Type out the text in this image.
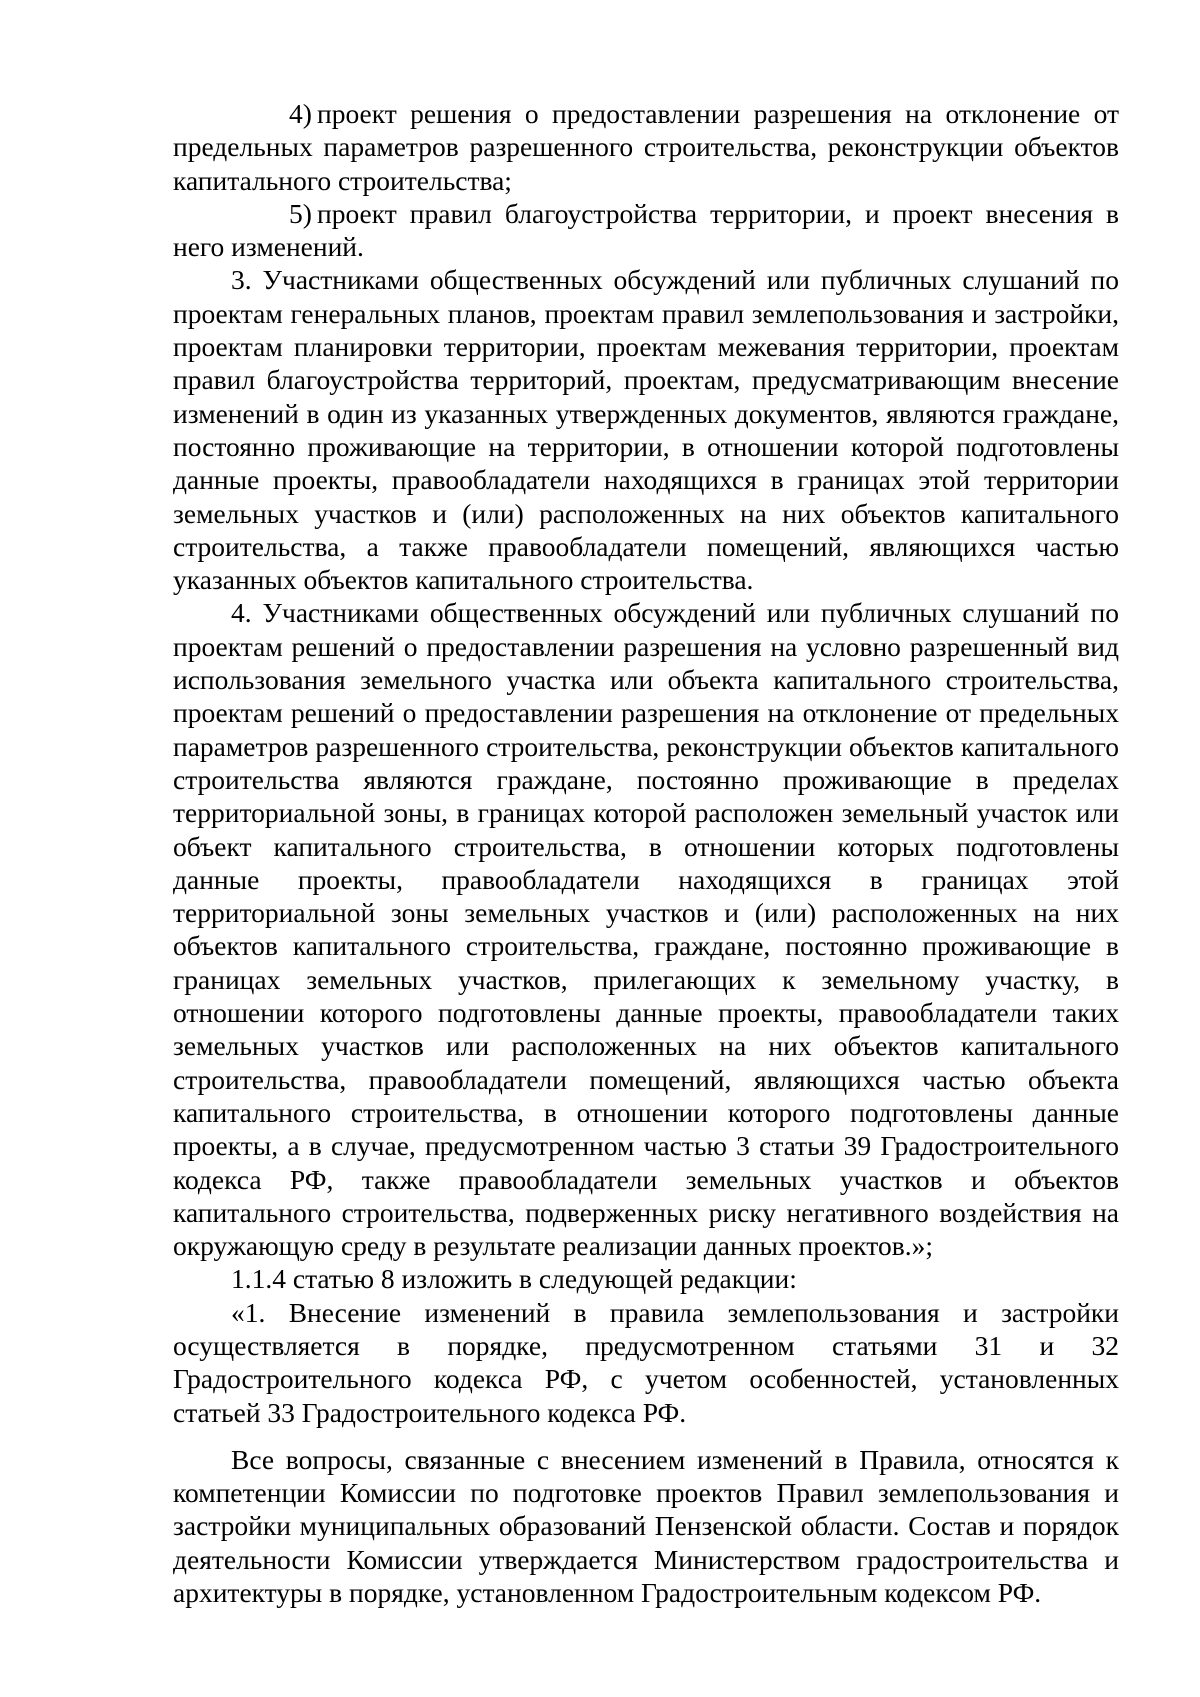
4) проект решения о предоставлении разрешения на отклонение от предельных параметров разрешенного строительства, реконструкции объектов капитального строительства;

5) проект правил благоустройства территории, и проект внесения в него изменений.

3. Участниками общественных обсуждений или публичных слушаний по проектам генеральных планов, проектам правил землепользования и застройки, проектам планировки территории, проектам межевания территории, проектам правил благоустройства территорий, проектам, предусматривающим внесение изменений в один из указанных утвержденных документов, являются граждане, постоянно проживающие на территории, в отношении которой подготовлены данные проекты, правообладатели находящихся в границах этой территории земельных участков и (или) расположенных на них объектов капитального строительства, а также правообладатели помещений, являющихся частью указанных объектов капитального строительства.

4. Участниками общественных обсуждений или публичных слушаний по проектам решений о предоставлении разрешения на условно разрешенный вид использования земельного участка или объекта капитального строительства, проектам решений о предоставлении разрешения на отклонение от предельных параметров разрешенного строительства, реконструкции объектов капитального строительства являются граждане, постоянно проживающие в пределах территориальной зоны, в границах которой расположен земельный участок или объект капитального строительства, в отношении которых подготовлены данные проекты, правообладатели находящихся в границах этой территориальной зоны земельных участков и (или) расположенных на них объектов капитального строительства, граждане, постоянно проживающие в границах земельных участков, прилегающих к земельному участку, в отношении которого подготовлены данные проекты, правообладатели таких земельных участков или расположенных на них объектов капитального строительства, правообладатели помещений, являющихся частью объекта капитального строительства, в отношении которого подготовлены данные проекты, а в случае, предусмотренном частью 3 статьи 39 Градостроительного кодекса РФ, также правообладатели земельных участков и объектов капитального строительства, подверженных риску негативного воздействия на окружающую среду в результате реализации данных проектов.»;

1.1.4 статью 8 изложить в следующей редакции:

«1. Внесение изменений в правила землепользования и застройки осуществляется в порядке, предусмотренном статьями 31 и 32 Градостроительного кодекса РФ, с учетом особенностей, установленных статьей 33 Градостроительного кодекса РФ.

Все вопросы, связанные с внесением изменений в Правила, относятся к компетенции Комиссии по подготовке проектов Правил землепользования и застройки муниципальных образований Пензенской области. Состав и порядок деятельности Комиссии утверждается Министерством градостроительства и архитектуры в порядке, установленном Градостроительным кодексом РФ.
